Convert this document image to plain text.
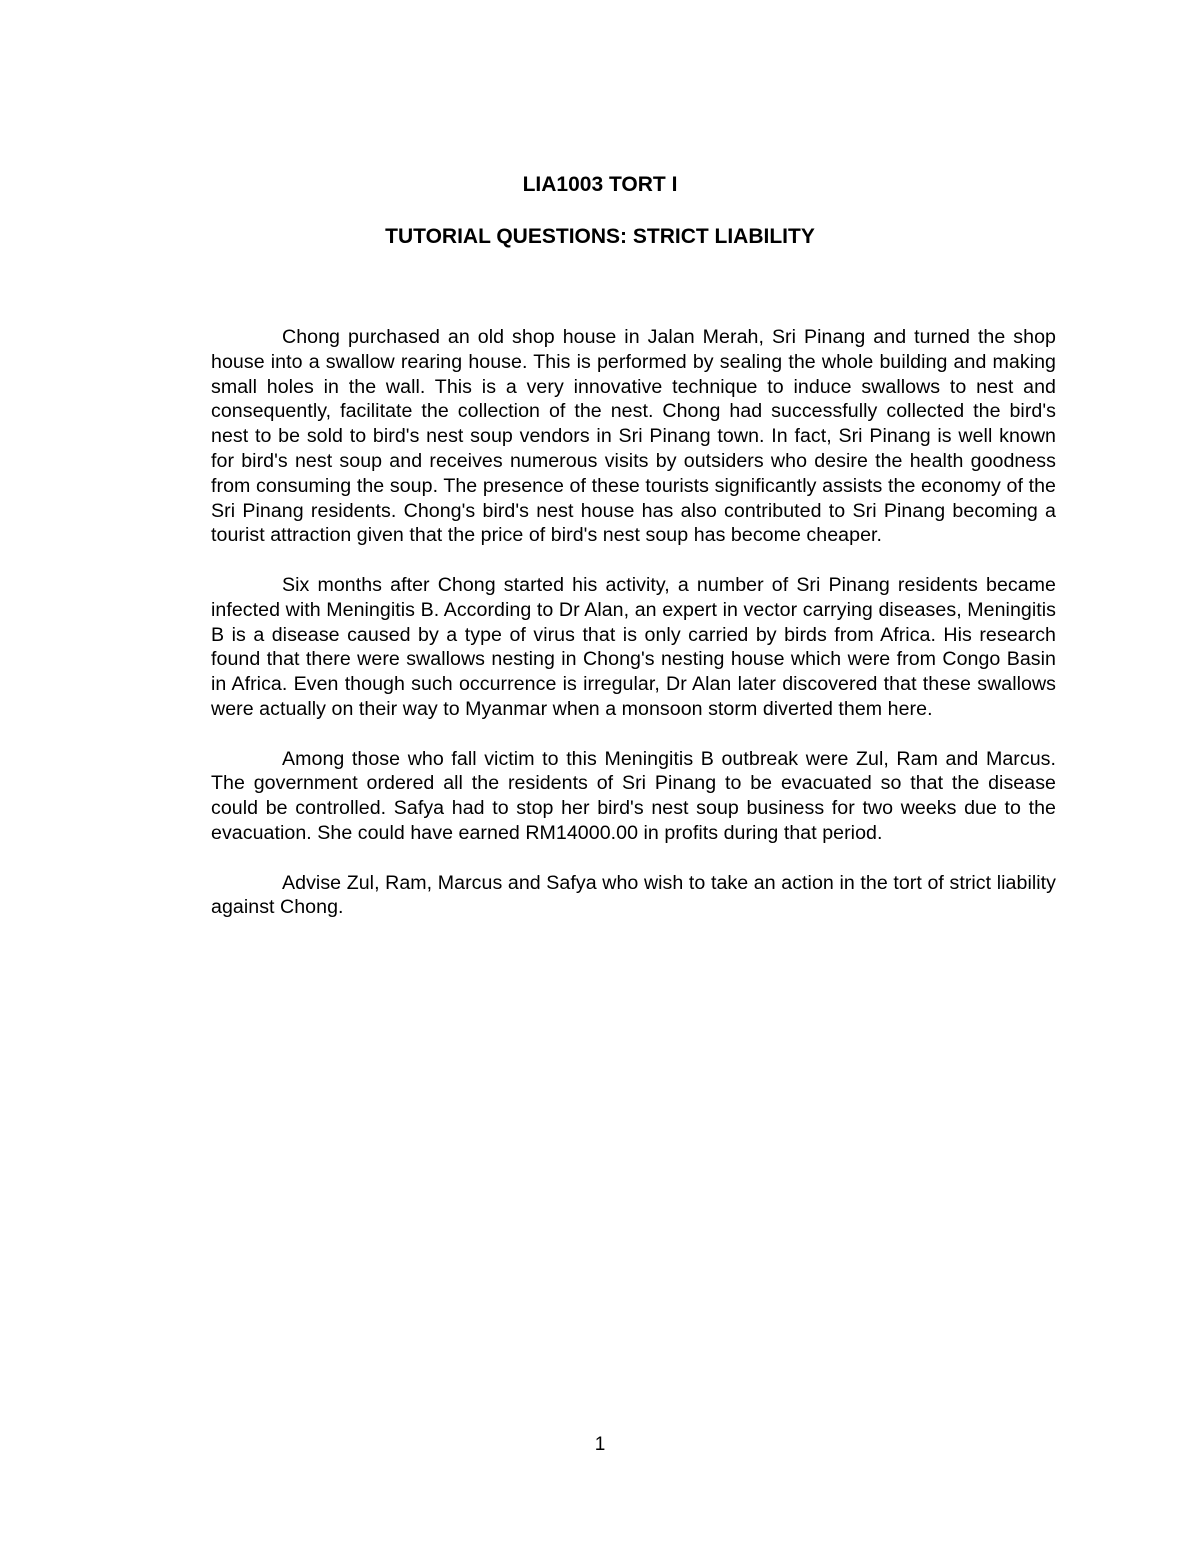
LIA1003 TORT I
TUTORIAL QUESTIONS: STRICT LIABILITY

Chong purchased an old shop house in Jalan Merah, Sri Pinang and turned the shop house into a swallow rearing house. This is performed by sealing the whole building and making small holes in the wall. This is a very innovative technique to induce swallows to nest and consequently, facilitate the collection of the nest. Chong had successfully collected the bird's nest to be sold to bird's nest soup vendors in Sri Pinang town. In fact, Sri Pinang is well known for bird's nest soup and receives numerous visits by outsiders who desire the health goodness from consuming the soup. The presence of these tourists significantly assists the economy of the Sri Pinang residents. Chong's bird's nest house has also contributed to Sri Pinang becoming a tourist attraction given that the price of bird's nest soup has become cheaper.

Six months after Chong started his activity, a number of Sri Pinang residents became infected with Meningitis B. According to Dr Alan, an expert in vector carrying diseases, Meningitis B is a disease caused by a type of virus that is only carried by birds from Africa. His research found that there were swallows nesting in Chong's nesting house which were from Congo Basin in Africa. Even though such occurrence is irregular, Dr Alan later discovered that these swallows were actually on their way to Myanmar when a monsoon storm diverted them here.

Among those who fall victim to this Meningitis B outbreak were Zul, Ram and Marcus. The government ordered all the residents of Sri Pinang to be evacuated so that the disease could be controlled. Safya had to stop her bird's nest soup business for two weeks due to the evacuation. She could have earned RM14000.00 in profits during that period.

Advise Zul, Ram, Marcus and Safya who wish to take an action in the tort of strict liability against Chong.

1
